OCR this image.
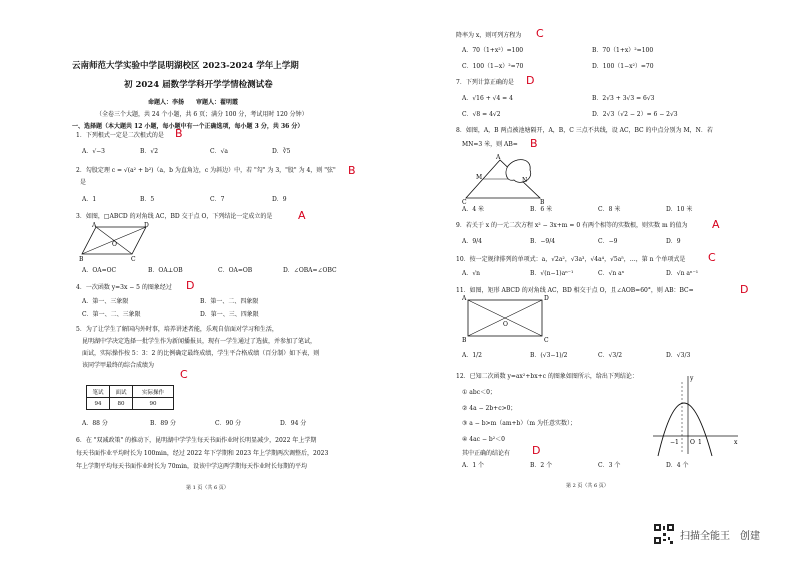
云南师范大学实验中学昆明湖校区 2023-2024 学年上学期
初 2024 届数学学科开学学情检测试卷
命题人：李扬　　审题人：翟明霞
（全卷三个大题，共 24 个小题，共 6 页；满分 100 分，考试用时 120 分钟）
一、选择题（本大题共 12 小题，每小题中有一个正确选项，每小题 3 分，共 36 分）
1．下列根式一定是二次根式的是 B
A．√−3	B．√2	C．√a	D．∛5
2．勾股定理 c = √(a² + b²)（a，b 为直角边，c 为斜边）中，若 "勾" 为 3，"股" 为 4，则 "弦" B
是
A．1	B．5	C．7	D．9
3．如图，□ABCD 的对角线 AC，BD 交于点 O，下列结论一定成立的是 A
A	D
B	C
O
A．OA=OC	B．OA⊥OB	C．OA=OB	D．∠OBA=∠OBC
4．一次函数 y=3x − 5 的图象经过 D
A．第一、三象限	B．第一、二、四象限
C．第一、二、三象限	D．第一、三、四象限
5．为了让学生了解国内外时事，培养讲述者能，乐观自信面对学习和生活，
昆明湖中学决定选择一批学生作为新闻播报员，现有一学生通过了选拔，并参加了笔试，
面试，实际操作按 5：3：2 的比例确定最终成绩，学生平合格成绩（百分制）如下表，则
该同学甲最终的综合成绩为
C
笔试	面试	实际操作
94	80	90
A．88 分	B．89 分	C．90 分	D．94 分
6．在 "双减政策" 的推动下，昆明湖中学学生每天书面作业时长明显减少，2022 年上学期
每天书面作业平均时长为 100min，经过 2022 年下学期和 2023 年上学期两次调整后，2023
年上学期平均每天书面作业时长为 70min，设该中学这两学期每天作业时长每期的平均
第 1 页（共 6 页）
降率为 x，则可列方程为 C
A．70（1+x²）=100	B．70（1+x）²=100
C．100（1−x）²=70	D．100（1−x²）=70
7．下列计算正确的是 D
A．√16 + √4 = 4	B．2√3 + 3√3 = 6√3
C．√8 = 4√2	D．2√3（√2 − 2）= 6 − 2√3
8．如图，A，B 两点被池塘隔开，A，B，C 三点不共线，设 AC，BC 的中点分别为 M，N．若
MN=3 米，则 AB= B
A
B
C
M	N
A．4 米	B．6 米	C．8 米	D．10 米
9．若关于 x 的一元二次方程 x² − 3x+m = 0 有两个相等的实数根，则实数 m 的值为 A
A．9/4	B．−9/4	C．−9	D．9
10．按一定规律排列的单项式：a，√2a²，√3a³，√4a⁴，√5a⁵，…，第 n 个单项式是 C
A．√n	B．√(n−1)aⁿ⁻¹	C．√n aⁿ	D．√n aⁿ⁻¹
11．如图，矩形 ABCD 的对角线 AC，BD 相交于点 O，且∠AOB=60°，则 AB：BC=	D
A	D
B	C
O
A．1/2	B．(√3−1)/2	C．√3/2	D．√3/3
12．已知二次函数 y=ax²+bx+c 的图象如图所示，给出下列结论：
① abc＜0；
② 4a − 2b+c>0；
③ a − b>m（am+b）（m 为任意实数）；
④ 4ac − b²＜0
其中正确的结论有 D
y
x
−1 O 1
A．1 个	B．2 个	C．3 个	D．4 个
第 2 页（共 6 页）
扫描全能王　创建
